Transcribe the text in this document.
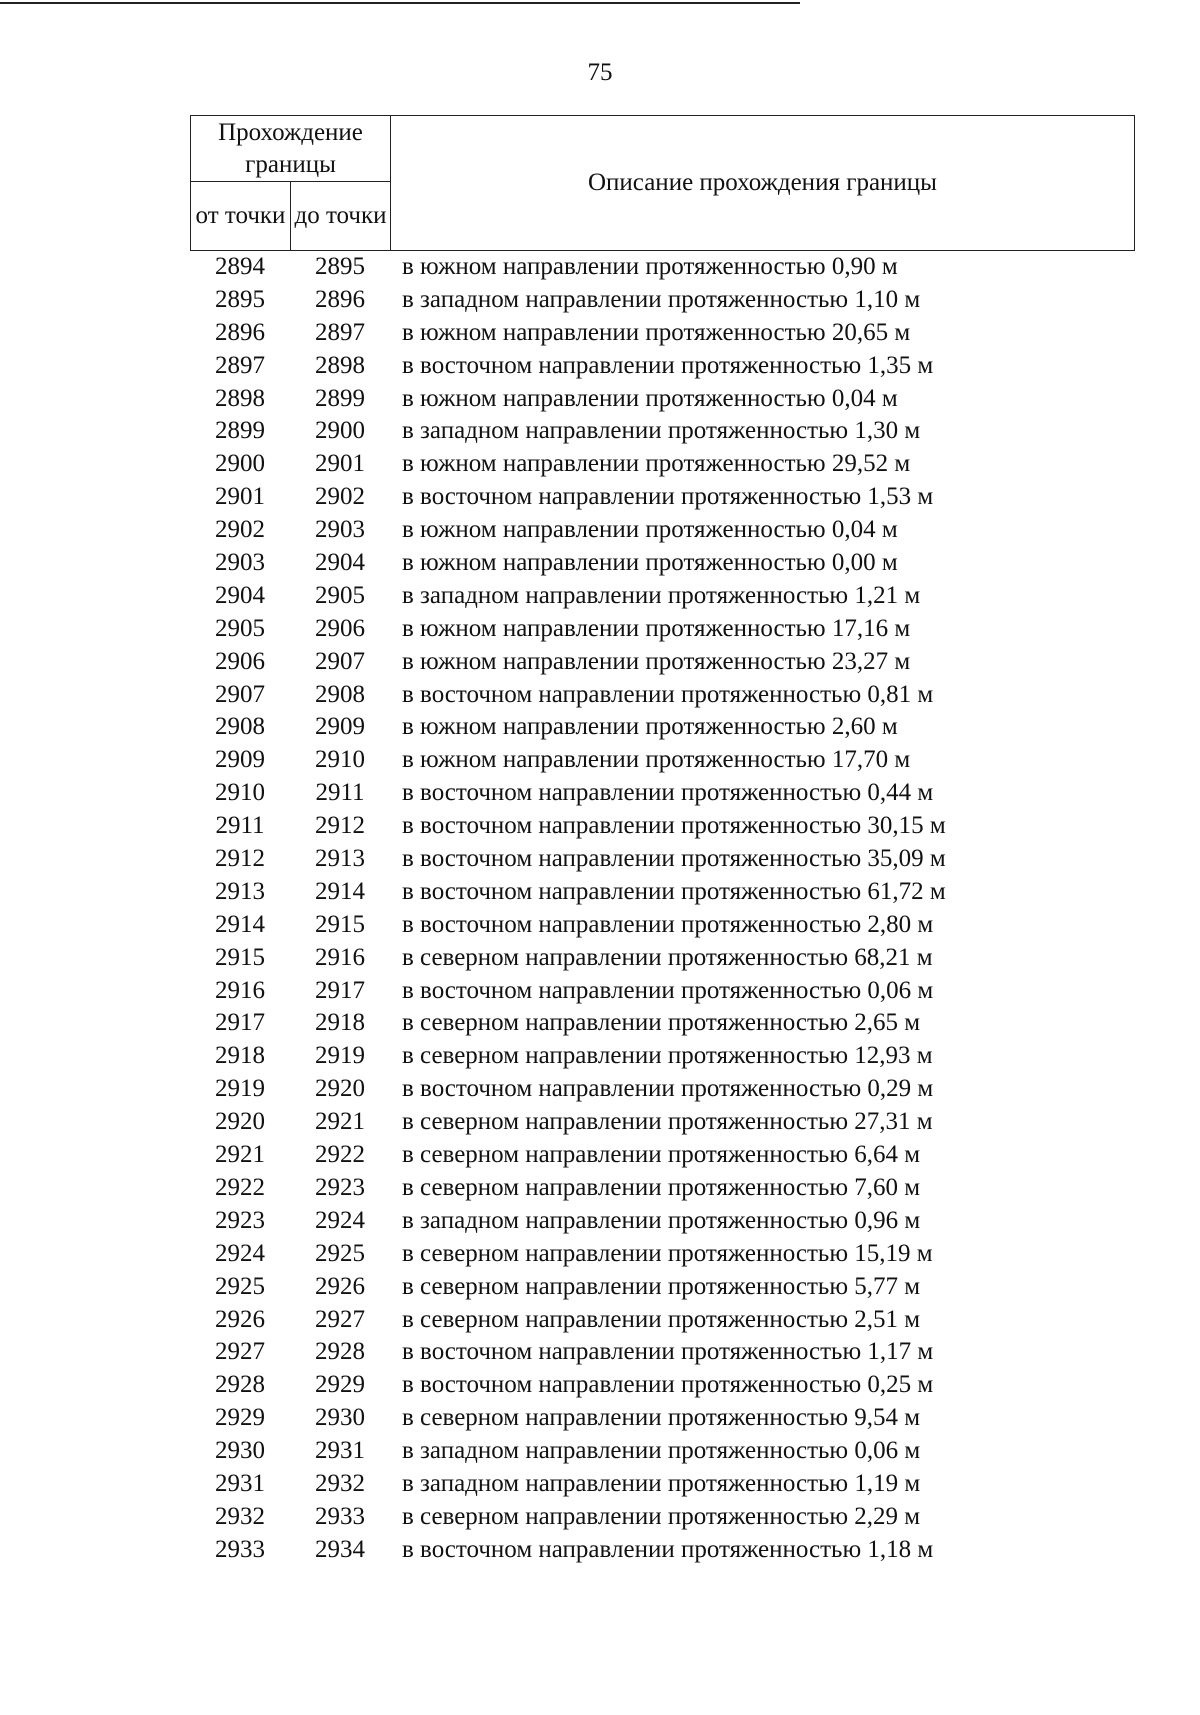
75
Прохождение границы		Описание прохождения границы
от точки	до точки	
2894	2895	в южном направлении протяженностью 0,90 м
2895	2896	в западном направлении протяженностью 1,10 м
2896	2897	в южном направлении протяженностью 20,65 м
2897	2898	в восточном направлении протяженностью 1,35 м
2898	2899	в южном направлении протяженностью 0,04 м
2899	2900	в западном направлении протяженностью 1,30 м
2900	2901	в южном направлении протяженностью 29,52 м
2901	2902	в восточном направлении протяженностью 1,53 м
2902	2903	в южном направлении протяженностью 0,04 м
2903	2904	в южном направлении протяженностью 0,00 м
2904	2905	в западном направлении протяженностью 1,21 м
2905	2906	в южном направлении протяженностью 17,16 м
2906	2907	в южном направлении протяженностью 23,27 м
2907	2908	в восточном направлении протяженностью 0,81 м
2908	2909	в южном направлении протяженностью 2,60 м
2909	2910	в южном направлении протяженностью 17,70 м
2910	2911	в восточном направлении протяженностью 0,44 м
2911	2912	в восточном направлении протяженностью 30,15 м
2912	2913	в восточном направлении протяженностью 35,09 м
2913	2914	в восточном направлении протяженностью 61,72 м
2914	2915	в восточном направлении протяженностью 2,80 м
2915	2916	в северном направлении протяженностью 68,21 м
2916	2917	в восточном направлении протяженностью 0,06 м
2917	2918	в северном направлении протяженностью 2,65 м
2918	2919	в северном направлении протяженностью 12,93 м
2919	2920	в восточном направлении протяженностью 0,29 м
2920	2921	в северном направлении протяженностью 27,31 м
2921	2922	в северном направлении протяженностью 6,64 м
2922	2923	в северном направлении протяженностью 7,60 м
2923	2924	в западном направлении протяженностью 0,96 м
2924	2925	в северном направлении протяженностью 15,19 м
2925	2926	в северном направлении протяженностью 5,77 м
2926	2927	в северном направлении протяженностью 2,51 м
2927	2928	в восточном направлении протяженностью 1,17 м
2928	2929	в восточном направлении протяженностью 0,25 м
2929	2930	в северном направлении протяженностью 9,54 м
2930	2931	в западном направлении протяженностью 0,06 м
2931	2932	в западном направлении протяженностью 1,19 м
2932	2933	в северном направлении протяженностью 2,29 м
2933	2934	в восточном направлении протяженностью 1,18 м
